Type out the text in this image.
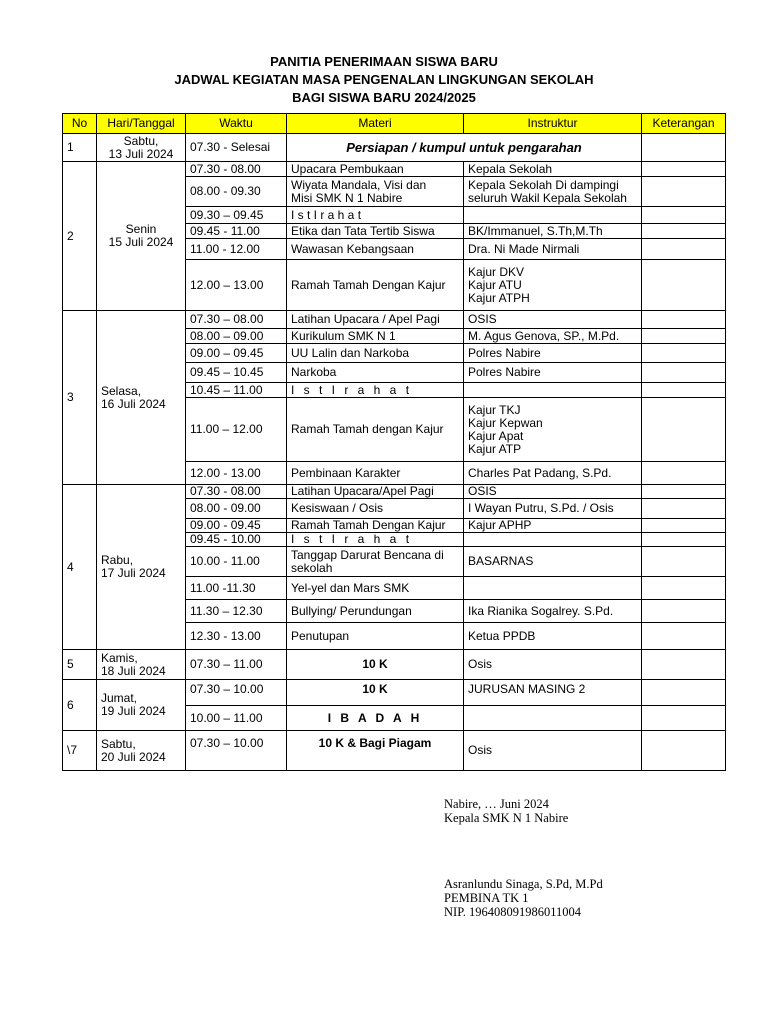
PANITIA PENERIMAAN SISWA BARU
JADWAL KEGIATAN MASA PENGENALAN LINGKUNGAN SEKOLAH
BAGI SISWA BARU 2024/2025
No	Hari/Tanggal	Waktu	Materi	Instruktur	Keterangan
1	Sabtu,
13 Juli 2024	07.30 - Selesai	Persiapan / kumpul untuk pengarahan		
2	Senin
15 Juli 2024	07.30 - 08.00	Upacara Pembukaan	Kepala Sekolah	
		08.00 - 09.30	Wiyata Mandala, Visi dan
Misi SMK N 1 Nabire	Kepala Sekolah Di dampingi
seluruh Wakil Kepala Sekolah	
		09.30 – 09.45	I s t I r a h a t		
		09.45 - 11.00	Etika dan Tata Tertib Siswa	BK/Immanuel, S.Th,M.Th	
		11.00 - 12.00	Wawasan Kebangsaan	Dra. Ni Made Nirmali	
		12.00 – 13.00	Ramah Tamah Dengan Kajur	Kajur DKV
Kajur ATU
Kajur ATPH	
3	Selasa,
16 Juli 2024	07.30 – 08.00	Latihan Upacara / Apel Pagi	OSIS	
		08.00 – 09.00	Kurikulum SMK N 1	M. Agus Genova, SP., M.Pd.	
		09.00 – 09.45	UU Lalin dan Narkoba	Polres Nabire	
		09.45 – 10.45	Narkoba	Polres Nabire	
		10.45 – 11.00	I s t I r a h a t		
		11.00 – 12.00	Ramah Tamah dengan Kajur	Kajur TKJ
Kajur Kepwan
Kajur Apat
Kajur ATP	
		12.00 - 13.00	Pembinaan Karakter	Charles Pat Padang, S.Pd.	
4	Rabu,
17 Juli 2024	07.30 - 08.00	Latihan Upacara/Apel Pagi	OSIS	
		08.00 - 09.00	Kesiswaan / Osis	I Wayan Putru, S.Pd. / Osis	
		09.00 - 09.45	Ramah Tamah Dengan Kajur	Kajur APHP	
		09.45 - 10.00	I s t I r a h a t		
		10.00 - 11.00	Tanggap Darurat Bencana di
sekolah	BASARNAS	
		11.00 -11.30	Yel-yel dan Mars SMK		
		11.30 – 12.30	Bullying/ Perundungan	Ika Rianika Sogalrey. S.Pd.	
		12.30 - 13.00	Penutupan	Ketua PPDB	
5	Kamis,
18 Juli 2024	07.30 – 11.00	10 K	Osis	
6	Jumat,
19 Juli 2024	07.30 – 10.00	10 K	JURUSAN MASING 2	
		10.00 – 11.00	I B A D A H		
\7	Sabtu,
20 Juli 2024	07.30 – 10.00	10 K & Bagi Piagam	Osis	
Nabire, … Juni 2024
Kepala SMK N 1 Nabire
Asranlundu Sinaga, S.Pd, M.Pd
PEMBINA TK 1
NIP. 196408091986011004
